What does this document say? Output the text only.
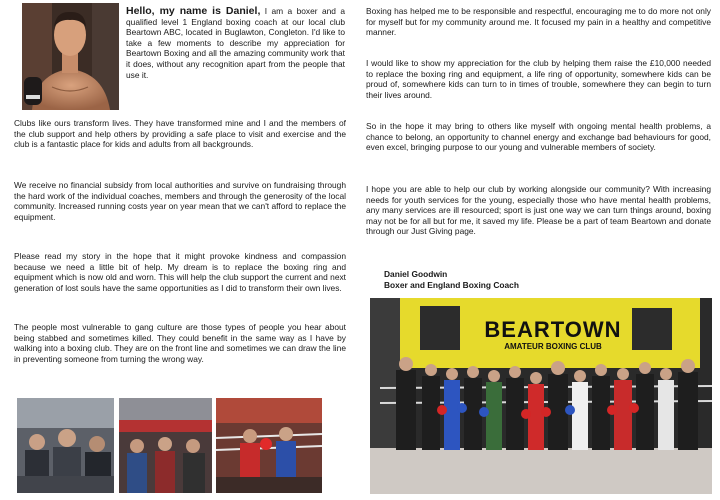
Hello, my name is Daniel, I am a boxer and a qualified level 1 England boxing coach at our local club Beartown ABC, located in Buglawton, Congleton. I'd like to take a few moments to describe my appreciation for Beartown Boxing and all the amazing community work that it does, without any recognition apart from the people that use it.

Clubs like ours transform lives. They have transformed mine and I and the members of the club support and help others by providing a safe place to visit and exercise and the club is a fantastic place for kids and adults from all backgrounds.

We receive no financial subsidy from local authorities and survive on fundraising through the hard work of the individual coaches, members and through the generosity of the local community. Increased running costs year on year mean that we can't afford to replace the equipment.

Please read my story in the hope that it might provoke kindness and compassion because we need a little bit of help. My dream is to replace the boxing ring and equipment which is now old and worn. This will help the club support the current and next generation of lost souls have the same opportunities as I did to transform their own lives.

The people most vulnerable to gang culture are those types of people you hear about being stabbed and sometimes killed. They could benefit in the same way as I have by walking into a boxing club. They are on the front line and sometimes we can draw the line in preventing someone from turning the wrong way.

Boxing has helped me to be responsible and respectful, encouraging me to do more not only for myself but for my community around me. It focused my pain in a healthy and competitive manner.

I would like to show my appreciation for the club by helping them raise the £10,000 needed to replace the boxing ring and equipment, a life ring of opportunity, somewhere kids can be proud of, somewhere kids can turn to in times of trouble, somewhere they can begin to turn their lives around.

So in the hope it may bring to others like myself with ongoing mental health problems, a chance to belong, an opportunity to channel energy and exchange bad behaviours for good, even excel, bringing purpose to our young and vulnerable members of society.

I hope you are able to help our club by working alongside our community? With increasing needs for youth services for the young, especially those who have mental health problems, any many services are ill resourced; sport is just one way we can turn things around, boxing may not be for all but for me, it saved my life. Please be a part of team Beartown and donate through our Just Giving page.

Daniel Goodwin
Boxer and England Boxing Coach
BEARTOWN
AMATEUR BOXING CLUB
